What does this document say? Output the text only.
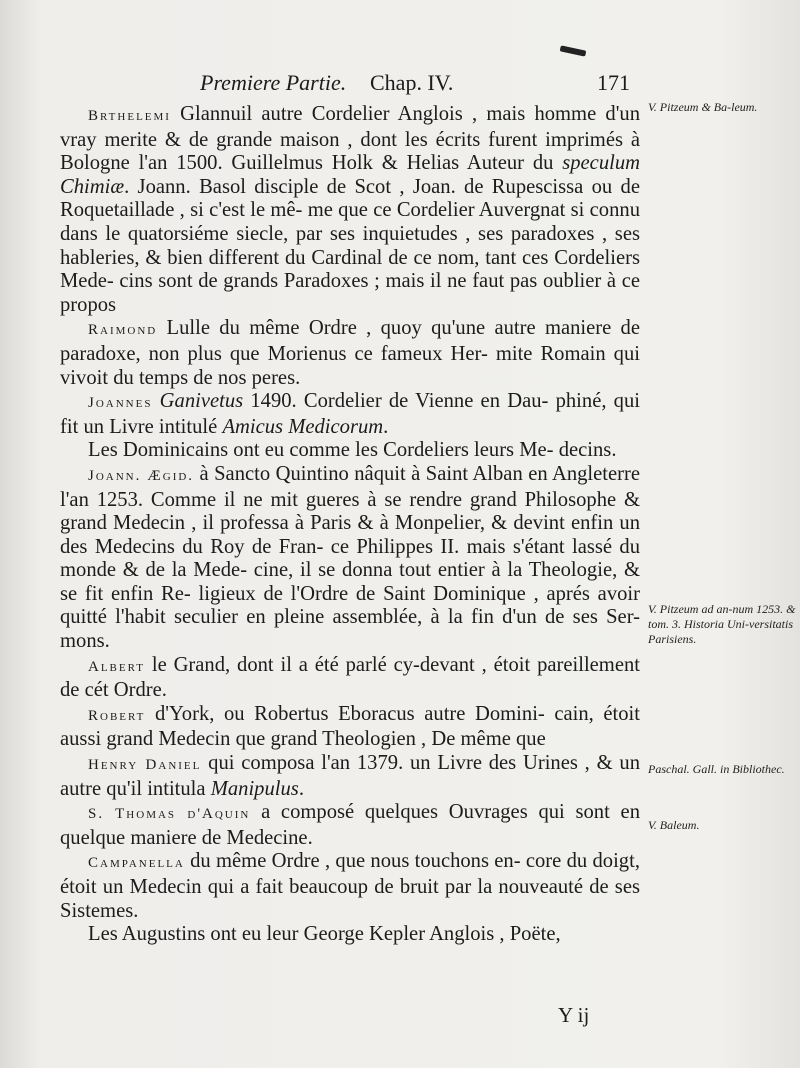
Premiere Partie. Chap. IV.	171

Brthelemi Glannuil autre Cordelier Anglois , mais homme d'un vray merite & de grande maison , dont les écrits furent imprimés à Bologne l'an 1500. Guillelmus Holk & Helias Auteur du speculum Chimiæ. Joann. Basol disciple de Scot , Joan. de Rupescissa ou de Roquetaillade , si c'est le mê- me que ce Cordelier Auvergnat si connu dans le quatorsiéme siecle, par ses inquietudes , ses paradoxes , ses hableries, & bien different du Cardinal de ce nom, tant ces Cordeliers Mede- cins sont de grands Paradoxes ; mais il ne faut pas oublier à ce propos

Raimond Lulle du même Ordre , quoy qu'une autre maniere de paradoxe, non plus que Morienus ce fameux Her- mite Romain qui vivoit du temps de nos peres.

Joannes Ganivetus 1490. Cordelier de Vienne en Dau- phiné, qui fit un Livre intitulé Amicus Medicorum.

Les Dominicains ont eu comme les Cordeliers leurs Me- decins.

Joann. Ægid. à Sancto Quintino nâquit à Saint Alban en Angleterre l'an 1253. Comme il ne mit gueres à se rendre grand Philosophe & grand Medecin , il professa à Paris & à Monpelier, & devint enfin un des Medecins du Roy de Fran- ce Philippes II. mais s'étant lassé du monde & de la Mede- cine, il se donna tout entier à la Theologie, & se fit enfin Re- ligieux de l'Ordre de Saint Dominique , aprés avoir quitté l'habit seculier en pleine assemblée, à la fin d'un de ses Ser- mons.

Albert le Grand, dont il a été parlé cy-devant , étoit pareillement de cét Ordre.

Robert d'York, ou Robertus Eboracus autre Domini- cain, étoit aussi grand Medecin que grand Theologien , De même que

Henry Daniel qui composa l'an 1379. un Livre des Urines , & un autre qu'il intitula Manipulus.

S. Thomas d'Aquin a composé quelques Ouvrages qui sont en quelque maniere de Medecine.

Campanella du même Ordre , que nous touchons en- core du doigt, étoit un Medecin qui a fait beaucoup de bruit par la nouveauté de ses Sistemes.

Les Augustins ont eu leur George Kepler Anglois , Poëte,

V. Pitzeum & Ba-leum.
V. Pitzeum ad an-num 1253. & tom. 3. Historia Uni-versitatis Parisiens.
Paschal. Gall. in Bibliothec.
V. Baleum.
Y ij
